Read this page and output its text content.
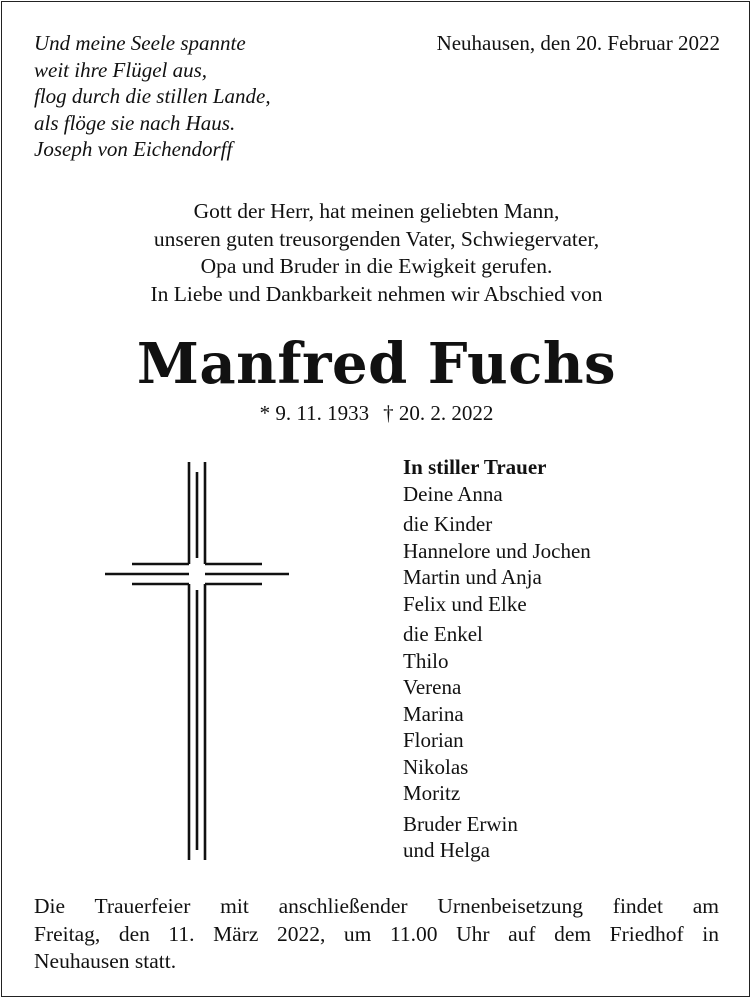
Und meine Seele spannte
weit ihre Flügel aus,
flog durch die stillen Lande,
als flöge sie nach Haus.
Joseph von Eichendorff
Neuhausen, den 20. Februar 2022
Gott der Herr, hat meinen geliebten Mann,
unseren guten treusorgenden Vater, Schwiegervater,
Opa und Bruder in die Ewigkeit gerufen.
In Liebe und Dankbarkeit nehmen wir Abschied von
Manfred Fuchs
* 9. 11. 1933 † 20. 2. 2022
In stiller Trauer
Deine Anna
die Kinder
Hannelore und Jochen
Martin und Anja
Felix und Elke
die Enkel
Thilo
Verena
Marina
Florian
Nikolas
Moritz
Bruder Erwin
und Helga
Die Trauerfeier mit anschließender Urnenbeisetzung findet am
Freitag, den 11. März 2022, um 11.00 Uhr auf dem Friedhof in
Neuhausen statt.
